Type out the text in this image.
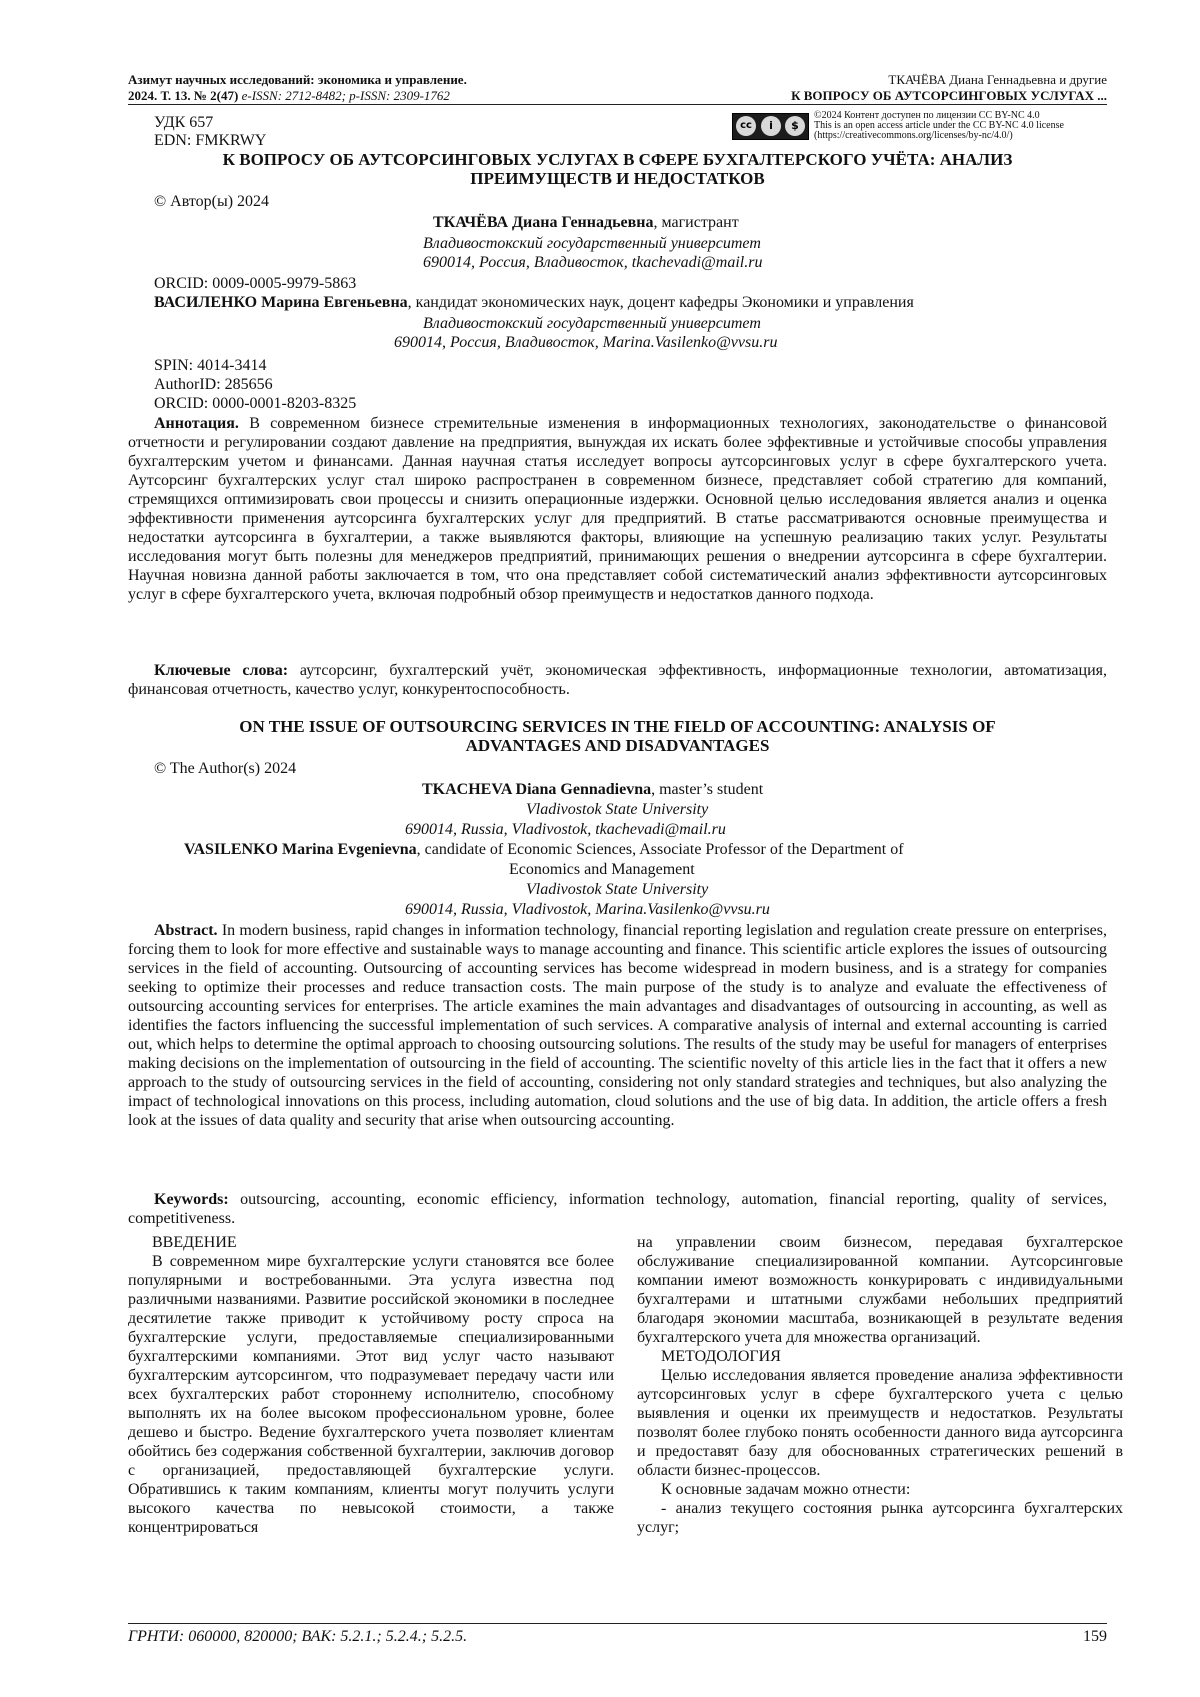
Азимут научных исследований: экономика и управление.
2024. Т. 13. № 2(47) e-ISSN: 2712-8482; p-ISSN: 2309-1762
ТКАЧЁВА Диана Геннадьевна и другие
К ВОПРОСУ ОБ АУТСОРСИНГОВЫХ УСЛУГАХ ...
УДК 657
EDN: FMKRWY
cc	i	$
©2024 Контент доступен по лицензии CC BY-NC 4.0
This is an open access article under the CC BY-NC 4.0 license
(https://creativecommons.org/licenses/by-nc/4.0/)
К ВОПРОСУ ОБ АУТСОРСИНГОВЫХ УСЛУГАХ В СФЕРЕ БУХГАЛТЕРСКОГО УЧЁТА: АНАЛИЗ
ПРЕИМУЩЕСТВ И НЕДОСТАТКОВ
© Автор(ы) 2024
ТКАЧЁВА Диана Геннадьевна, магистрант
Владивостокский государственный университет
690014, Россия, Владивосток, tkachevadi@mail.ru
ORCID: 0009-0005-9979-5863
ВАСИЛЕНКО Марина Евгеньевна, кандидат экономических наук, доцент кафедры Экономики и управления
Владивостокский государственный университет
690014, Россия, Владивосток, Marina.Vasilenko@vvsu.ru
SPIN: 4014-3414
AuthorID: 285656
ORCID: 0000-0001-8203-8325
Аннотация. В современном бизнесе стремительные изменения в информационных технологиях, законодательстве о финансовой отчетности и регулировании создают давление на предприятия, вынуждая их искать более эффективные и устойчивые способы управления бухгалтерским учетом и финансами. Данная научная статья исследует вопросы аутсорсинговых услуг в сфере бухгалтерского учета. Аутсорсинг бухгалтерских услуг стал широко распространен в современном бизнесе, представляет собой стратегию для компаний, стремящихся оптимизировать свои процессы и снизить операционные издержки. Основной целью исследования является анализ и оценка эффективности применения аутсорсинга бухгалтерских услуг для предприятий. В статье рассматриваются основные преимущества и недостатки аутсорсинга в бухгалтерии, а также выявляются факторы, влияющие на успешную реализацию таких услуг. Результаты исследования могут быть полезны для менеджеров предприятий, принимающих решения о внедрении аутсорсинга в сфере бухгалтерии. Научная новизна данной работы заключается в том, что она представляет собой систематический анализ эффективности аутсорсинговых услуг в сфере бухгалтерского учета, включая подробный обзор преимуществ и недостатков данного подхода.
Ключевые слова: аутсорсинг, бухгалтерский учёт, экономическая эффективность, информационные технологии, автоматизация, финансовая отчетность, качество услуг, конкурентоспособность.
ON THE ISSUE OF OUTSOURCING SERVICES IN THE FIELD OF ACCOUNTING: ANALYSIS OF
ADVANTAGES AND DISADVANTAGES
© The Author(s) 2024
TKACHEVA Diana Gennadievna, master’s student
Vladivostok State University
690014, Russia, Vladivostok, tkachevadi@mail.ru
VASILENKO Marina Evgenievna, candidate of Economic Sciences, Associate Professor of the Department of
Economics and Management
Vladivostok State University
690014, Russia, Vladivostok, Marina.Vasilenko@vvsu.ru
Abstract. In modern business, rapid changes in information technology, financial reporting legislation and regulation create pressure on enterprises, forcing them to look for more effective and sustainable ways to manage accounting and finance. This scientific article explores the issues of outsourcing services in the field of accounting. Outsourcing of accounting services has become widespread in modern business, and is a strategy for companies seeking to optimize their processes and reduce transaction costs. The main purpose of the study is to analyze and evaluate the effectiveness of outsourcing accounting services for enterprises. The article examines the main advantages and disadvantages of outsourcing in accounting, as well as identifies the factors influencing the successful implementation of such services. A comparative analysis of internal and external accounting is carried out, which helps to determine the optimal approach to choosing outsourcing solutions. The results of the study may be useful for managers of enterprises making decisions on the implementation of outsourcing in the field of accounting. The scientific novelty of this article lies in the fact that it offers a new approach to the study of outsourcing services in the field of accounting, considering not only standard strategies and techniques, but also analyzing the impact of technological innovations on this process, including automation, cloud solutions and the use of big data. In addition, the article offers a fresh look at the issues of data quality and security that arise when outsourcing accounting.
Keywords: outsourcing, accounting, economic efficiency, information technology, automation, financial reporting, quality of services, competitiveness.
ВВЕДЕНИЕ

В современном мире бухгалтерские услуги становятся все более популярными и востребованными. Эта услуга известна под различными названиями. Развитие российской экономики в последнее десятилетие также приводит к устойчивому росту спроса на бухгалтерские услуги, предоставляемые специализированными бухгалтерскими компаниями. Этот вид услуг часто называют бухгалтерским аутсорсингом, что подразумевает передачу части или всех бухгалтерских работ стороннему исполнителю, способному выполнять их на более высоком профессиональном уровне, более дешево и быстро. Ведение бухгалтерского учета позволяет клиентам обойтись без содержания собственной бухгалтерии, заключив договор с организацией, предоставляющей бухгалтерские услуги. Обратившись к таким компаниям, клиенты могут получить услуги высокого качества по невысокой стоимости, а также концентрироваться

на управлении своим бизнесом, передавая бухгалтерское обслуживание специализированной компании. Аутсорсинговые компании имеют возможность конкурировать с индивидуальными бухгалтерами и штатными службами небольших предприятий благодаря экономии масштаба, возникающей в результате ведения бухгалтерского учета для множества организаций.

МЕТОДОЛОГИЯ

Целью исследования является проведение анализа эффективности аутсорсинговых услуг в сфере бухгалтерского учета с целью выявления и оценки их преимуществ и недостатков. Результаты позволят более глубоко понять особенности данного вида аутсорсинга и предоставят базу для обоснованных стратегических решений в области бизнес-процессов.

К основные задачам можно отнести:

- анализ текущего состояния рынка аутсорсинга бухгалтерских услуг;

ГРНТИ: 060000, 820000; ВАК: 5.2.1.; 5.2.4.; 5.2.5.	159
